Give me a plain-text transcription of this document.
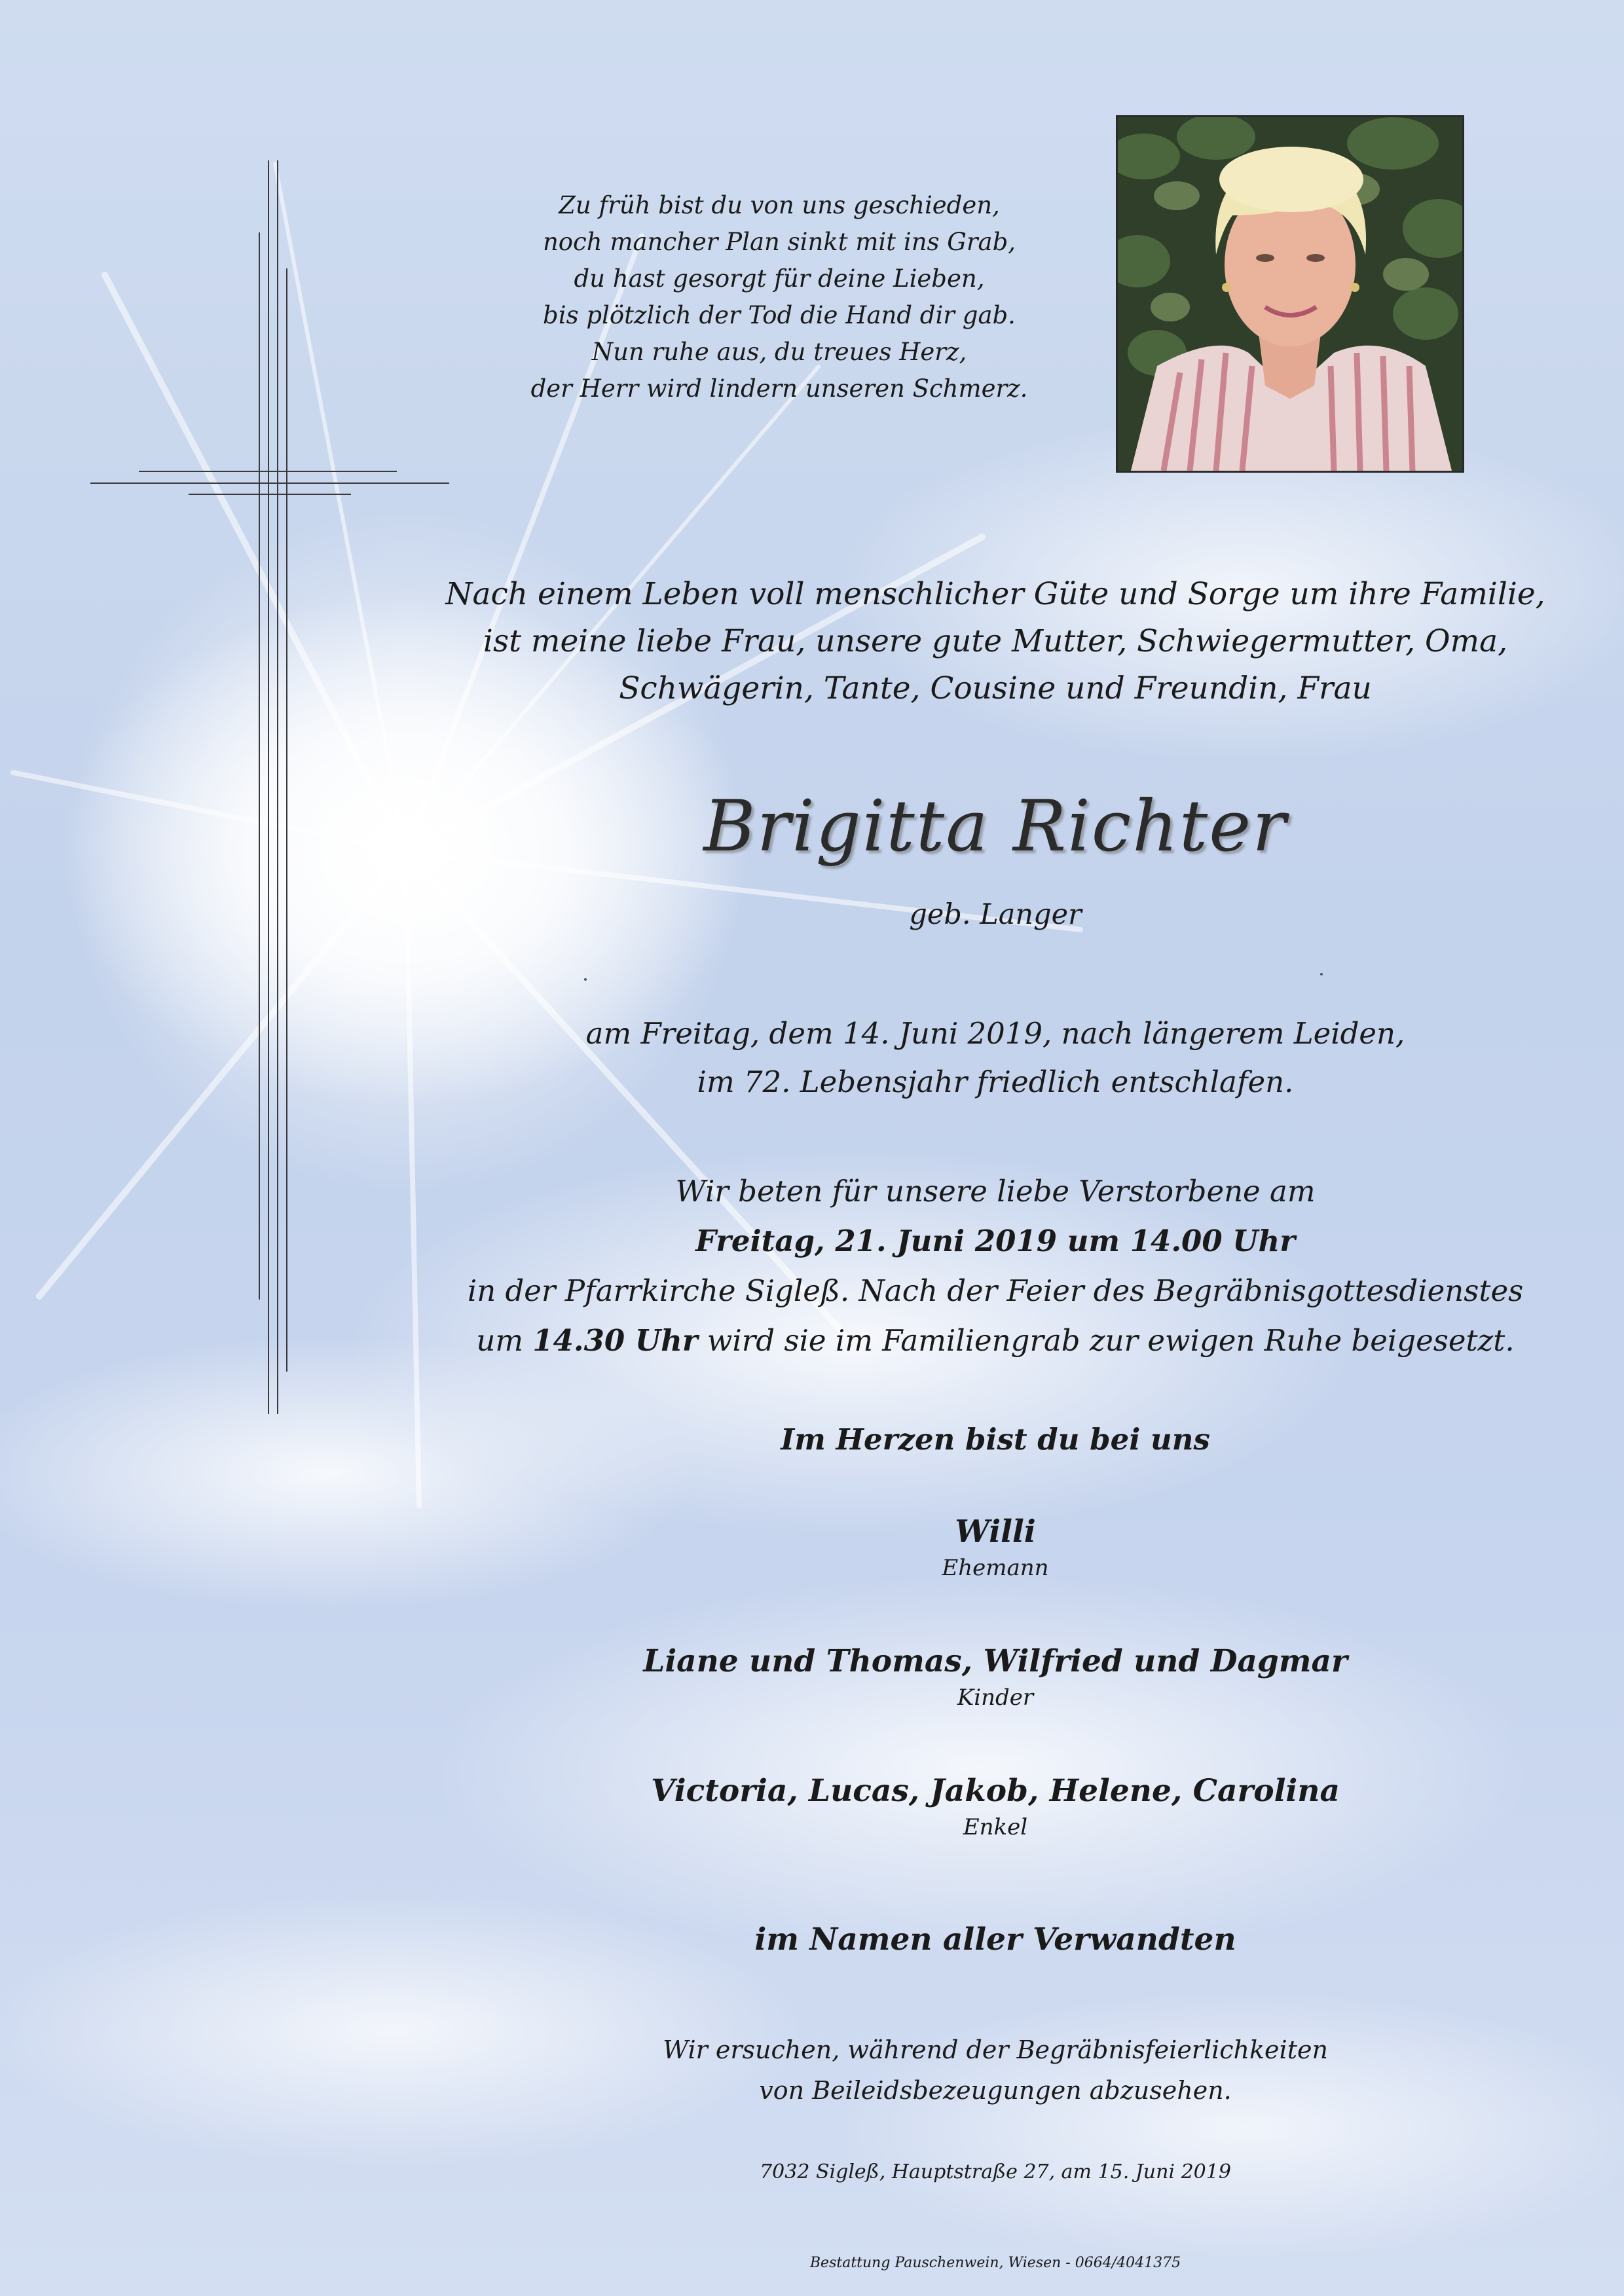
Zu früh bist du von uns geschieden,
noch mancher Plan sinkt mit ins Grab,
du hast gesorgt für deine Lieben,
bis plötzlich der Tod die Hand dir gab.
Nun ruhe aus, du treues Herz,
der Herr wird lindern unseren Schmerz.
Nach einem Leben voll menschlicher Güte und Sorge um ihre Familie,
ist meine liebe Frau, unsere gute Mutter, Schwiegermutter, Oma,
Schwägerin, Tante, Cousine und Freundin, Frau
Brigitta Richter
geb. Langer
am Freitag, dem 14. Juni 2019, nach längerem Leiden,
im 72. Lebensjahr friedlich entschlafen.
Wir beten für unsere liebe Verstorbene am
Freitag, 21. Juni 2019 um 14.00 Uhr
in der Pfarrkirche Sigleß. Nach der Feier des Begräbnisgottesdienstes
um 14.30 Uhr wird sie im Familiengrab zur ewigen Ruhe beigesetzt.
Im Herzen bist du bei uns
Willi
Ehemann
Liane und Thomas, Wilfried und Dagmar
Kinder
Victoria, Lucas, Jakob, Helene, Carolina
Enkel
im Namen aller Verwandten
Wir ersuchen, während der Begräbnisfeierlichkeiten
von Beileidsbezeugungen abzusehen.
7032 Sigleß, Hauptstraße 27, am 15. Juni 2019
Bestattung Pauschenwein, Wiesen - 0664/4041375
